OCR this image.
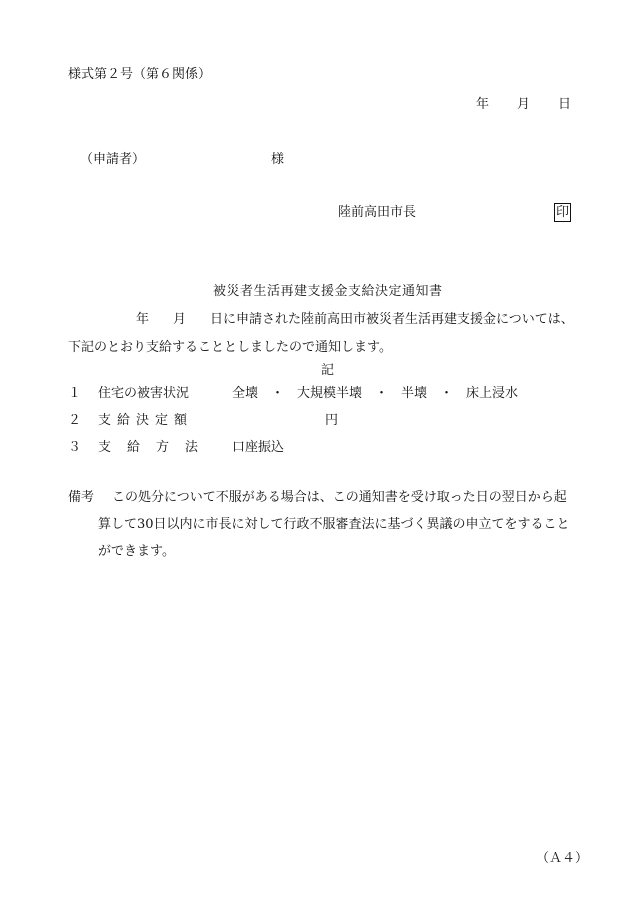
様式第２号（第６関係）
年 月 日
（申請者）	様
陸前高田市長	印
被災者生活再建支援金支給決定通知書
年 月 日に申請された陸前高田市被災者生活再建支援金については、
下記のとおり支給することとしましたので通知します。
記
１ 住宅の被害状況	全壊　・　大規模半壊　・　半壊　・　床上浸水
２ 支給決定額	円
３ 支給方法 口座振込
備考 この処分について不服がある場合は、この通知書を受け取った日の翌日から起
算して30日以内に市長に対して行政不服審査法に基づく異議の申立てをすること
ができます。
（Ａ４）
